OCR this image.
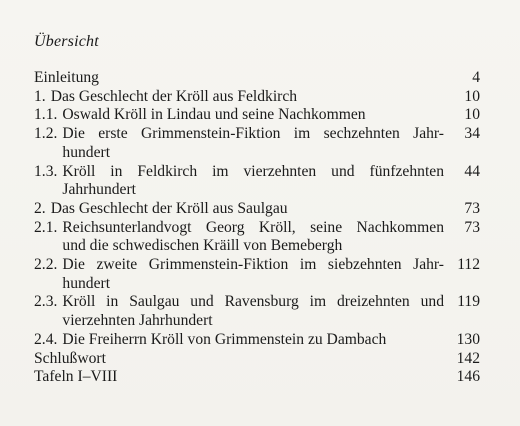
Übersicht
Einleitung	4
1. Das Geschlecht der Kröll aus Feldkirch	10
1.1. Oswald Kröll in Lindau und seine Nachkommen	10
1.2. Die erste Grimmenstein-Fiktion im sechzehnten Jahr-	34
hundert
1.3. Kröll in Feldkirch im vierzehnten und fünfzehnten	44
Jahrhundert
2. Das Geschlecht der Kröll aus Saulgau	73
2.1. Reichsunterlandvogt Georg Kröll, seine Nachkommen	73
und die schwedischen Kräill von Bemebergh
2.2. Die zweite Grimmenstein-Fiktion im siebzehnten Jahr- 112
hundert
2.3. Kröll in Saulgau und Ravensburg im dreizehnten und 119
vierzehnten Jahrhundert
2.4. Die Freiherrn Kröll von Grimmenstein zu Dambach	130
Schlußwort	142
Tafeln I–VIII	146
